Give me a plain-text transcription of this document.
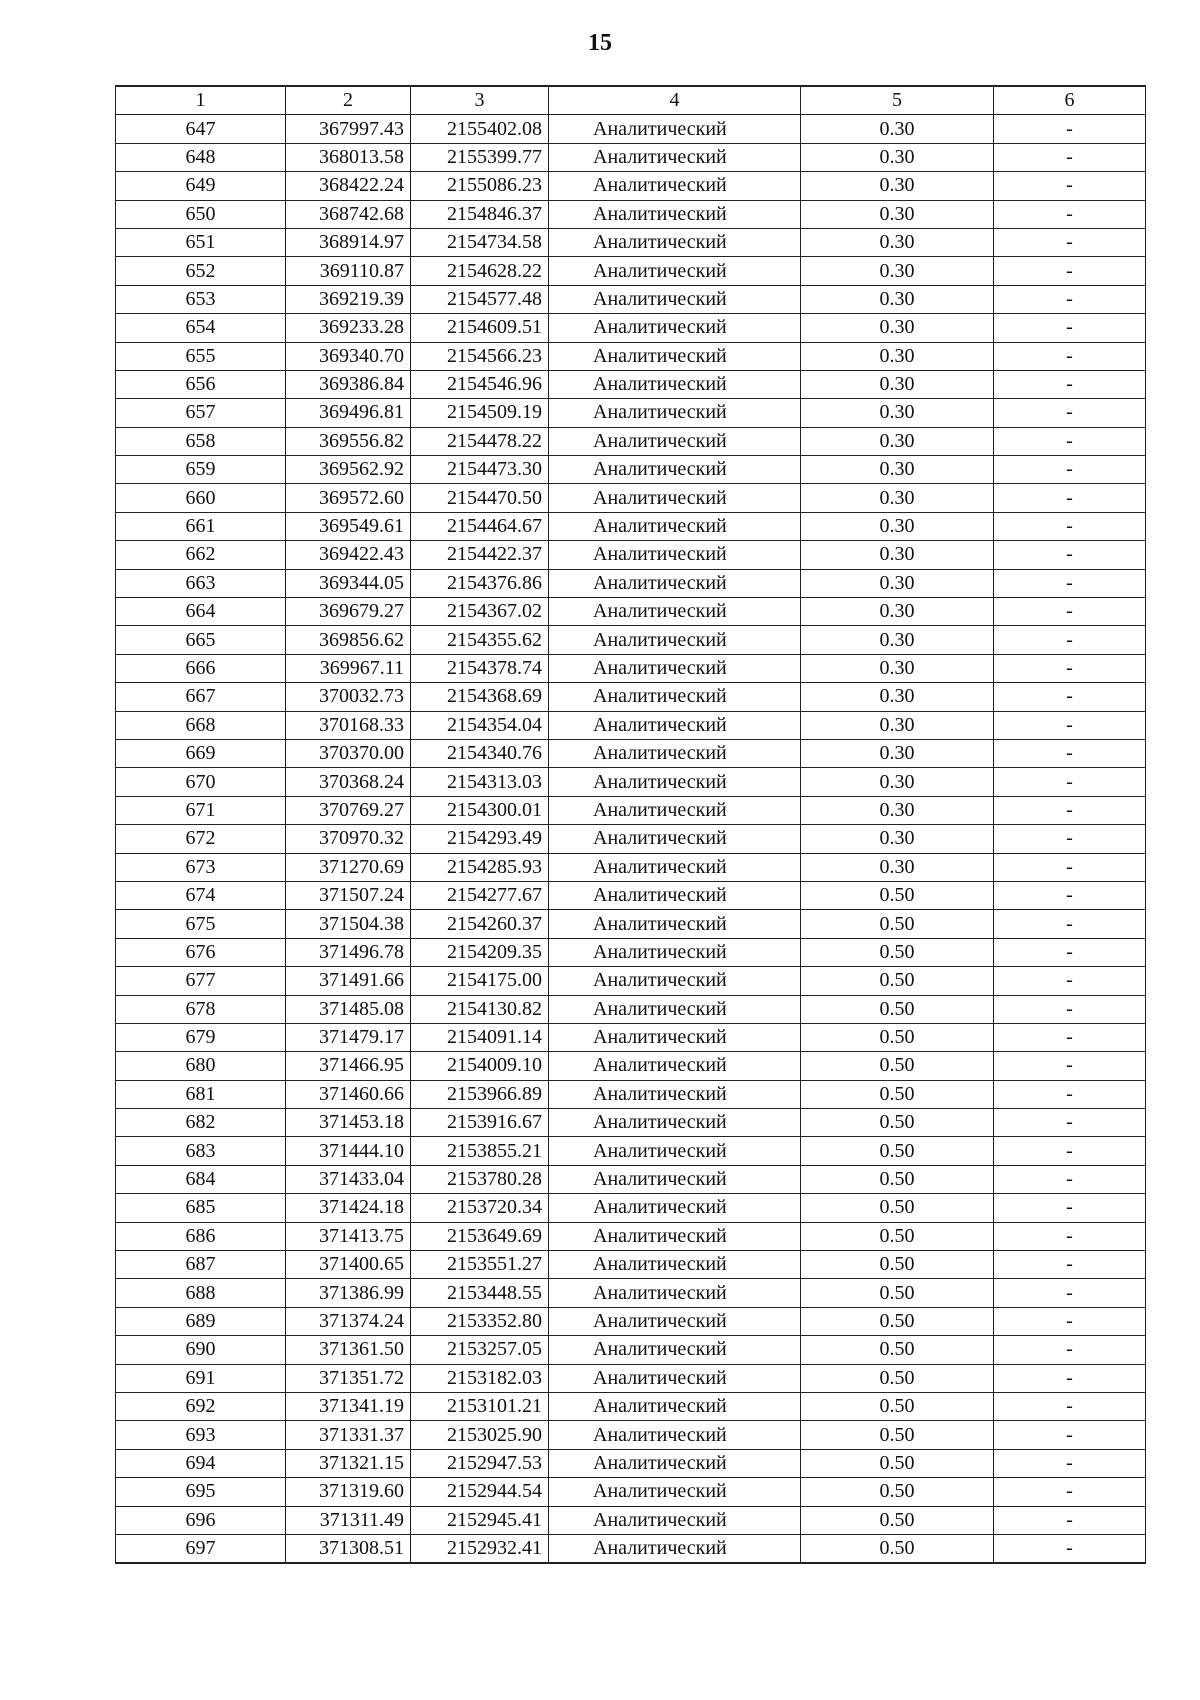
15
1	2	3	4	5	6
647	367997.43	2155402.08	Аналитический	0.30	-
648	368013.58	2155399.77	Аналитический	0.30	-
649	368422.24	2155086.23	Аналитический	0.30	-
650	368742.68	2154846.37	Аналитический	0.30	-
651	368914.97	2154734.58	Аналитический	0.30	-
652	369110.87	2154628.22	Аналитический	0.30	-
653	369219.39	2154577.48	Аналитический	0.30	-
654	369233.28	2154609.51	Аналитический	0.30	-
655	369340.70	2154566.23	Аналитический	0.30	-
656	369386.84	2154546.96	Аналитический	0.30	-
657	369496.81	2154509.19	Аналитический	0.30	-
658	369556.82	2154478.22	Аналитический	0.30	-
659	369562.92	2154473.30	Аналитический	0.30	-
660	369572.60	2154470.50	Аналитический	0.30	-
661	369549.61	2154464.67	Аналитический	0.30	-
662	369422.43	2154422.37	Аналитический	0.30	-
663	369344.05	2154376.86	Аналитический	0.30	-
664	369679.27	2154367.02	Аналитический	0.30	-
665	369856.62	2154355.62	Аналитический	0.30	-
666	369967.11	2154378.74	Аналитический	0.30	-
667	370032.73	2154368.69	Аналитический	0.30	-
668	370168.33	2154354.04	Аналитический	0.30	-
669	370370.00	2154340.76	Аналитический	0.30	-
670	370368.24	2154313.03	Аналитический	0.30	-
671	370769.27	2154300.01	Аналитический	0.30	-
672	370970.32	2154293.49	Аналитический	0.30	-
673	371270.69	2154285.93	Аналитический	0.30	-
674	371507.24	2154277.67	Аналитический	0.50	-
675	371504.38	2154260.37	Аналитический	0.50	-
676	371496.78	2154209.35	Аналитический	0.50	-
677	371491.66	2154175.00	Аналитический	0.50	-
678	371485.08	2154130.82	Аналитический	0.50	-
679	371479.17	2154091.14	Аналитический	0.50	-
680	371466.95	2154009.10	Аналитический	0.50	-
681	371460.66	2153966.89	Аналитический	0.50	-
682	371453.18	2153916.67	Аналитический	0.50	-
683	371444.10	2153855.21	Аналитический	0.50	-
684	371433.04	2153780.28	Аналитический	0.50	-
685	371424.18	2153720.34	Аналитический	0.50	-
686	371413.75	2153649.69	Аналитический	0.50	-
687	371400.65	2153551.27	Аналитический	0.50	-
688	371386.99	2153448.55	Аналитический	0.50	-
689	371374.24	2153352.80	Аналитический	0.50	-
690	371361.50	2153257.05	Аналитический	0.50	-
691	371351.72	2153182.03	Аналитический	0.50	-
692	371341.19	2153101.21	Аналитический	0.50	-
693	371331.37	2153025.90	Аналитический	0.50	-
694	371321.15	2152947.53	Аналитический	0.50	-
695	371319.60	2152944.54	Аналитический	0.50	-
696	371311.49	2152945.41	Аналитический	0.50	-
697	371308.51	2152932.41	Аналитический	0.50	-
